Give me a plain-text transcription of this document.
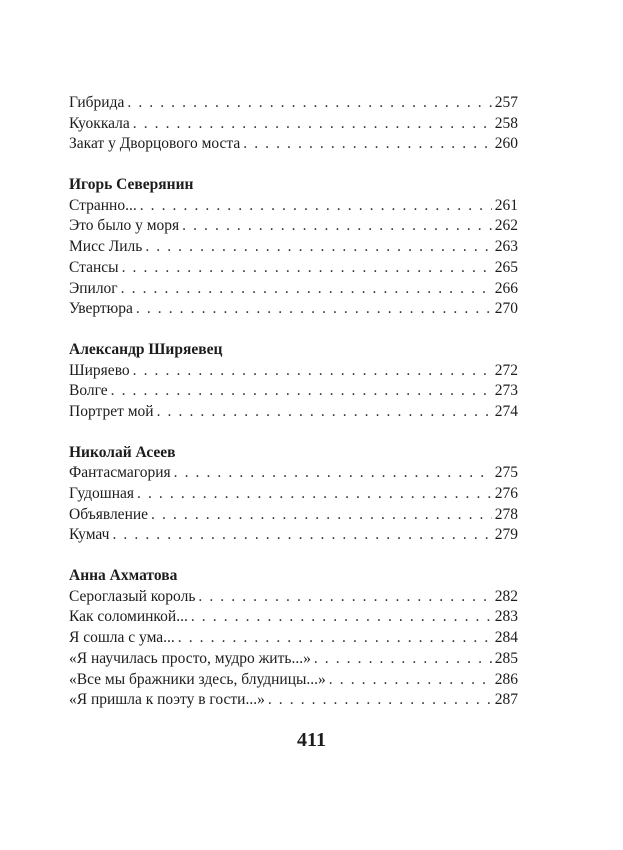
Гибрида . . .	257
Куоккала . . .	258
Закат у Дворцового моста . . .	260
Игорь Северянин
Странно... . . .	261
Это было у моря . . .	262
Мисс Лиль . . .	263
Стансы . . .	265
Эпилог . . .	266
Увертюра . . .	270
Александр Ширяевец
Ширяево . . .	272
Волге . . .	273
Портрет мой . . .	274
Николай Асеев
Фантасмагория . . .	275
Гудошная . . .	276
Объявление . . .	278
Кумач . . .	279
Анна Ахматова
Сероглазый король . . .	282
Как соломинкой... . . .	283
Я сошла с ума... . . .	284
«Я научилась просто, мудро жить...» . . .	285
«Все мы бражники здесь, блудницы...» . . .	286
«Я пришла к поэту в гости...» . . .	287
411
